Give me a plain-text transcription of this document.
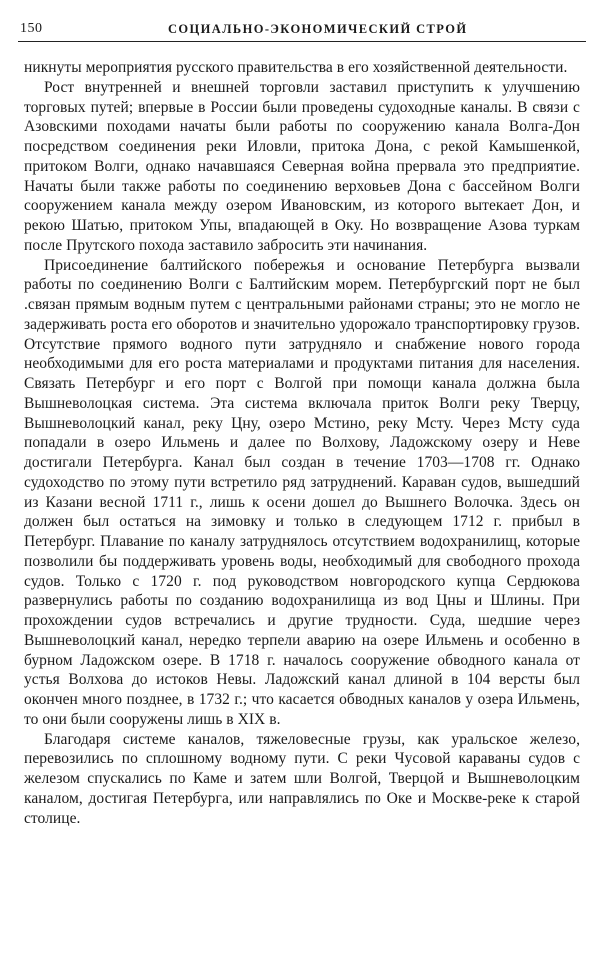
150	СОЦИАЛЬНО-ЭКОНОМИЧЕСКИЙ СТРОЙ

никнуты мероприятия русского правительства в его хозяйственной деятельности.

Рост внутренней и внешней торговли заставил приступить к улучшению торговых путей; впервые в России были проведены судоходные каналы. В связи с Азовскими походами начаты были работы по сооружению канала Волга-Дон посредством соединения реки Иловли, притока Дона, с рекой Камышенкой, притоком Волги, однако начавшаяся Северная война прервала это предприятие. Начаты были также работы по соединению верховьев Дона с бассейном Волги сооружением канала между озером Ивановским, из которого вытекает Дон, и рекою Шатью, притоком Упы, впадающей в Оку. Но возвращение Азова туркам после Прутского похода заставило забросить эти начинания.

Присоединение балтийского побережья и основание Петербурга вызвали работы по соединению Волги с Балтийским морем. Петербургский порт не был .связан прямым водным путем с центральными районами страны; это не могло не задерживать роста его оборотов и значительно удорожало транспортировку грузов. Отсутствие прямого водного пути затрудняло и снабжение нового города необходимыми для его роста материалами и продуктами питания для населения. Связать Петербург и его порт с Волгой при помощи канала должна была Вышневолоцкая система. Эта система включала приток Волги реку Тверцу, Вышневолоцкий канал, реку Цну, озеро Мстино, реку Мсту. Через Мсту суда попадали в озеро Ильмень и далее по Волхову, Ладожскому озеру и Неве достигали Петербурга. Канал был создан в течение 1703—1708 гг. Однако судоходство по этому пути встретило ряд затруднений. Караван судов, вышедший из Казани весной 1711 г., лишь к осени дошел до Вышнего Волочка. Здесь он должен был остаться на зимовку и только в следующем 1712 г. прибыл в Петербург. Плавание по каналу затруднялось отсутствием водохранилищ, которые позволили бы поддерживать уровень воды, необходимый для свободного прохода судов. Только с 1720 г. под руководством новгородского купца Сердюкова развернулись работы по созданию водохранилища из вод Цны и Шлины. При прохождении судов встречались и другие трудности. Суда, шедшие через Вышневолоцкий канал, нередко терпели аварию на озере Ильмень и особенно в бурном Ладожском озере. В 1718 г. началось сооружение обводного канала от устья Волхова до истоков Невы. Ладожский канал длиной в 104 версты был окончен много позднее, в 1732 г.; что касается обводных каналов у озера Ильмень, то они были сооружены лишь в XIX в.

Благодаря системе каналов, тяжеловесные грузы, как уральское железо, перевозились по сплошному водному пути. С реки Чусовой караваны судов с железом спускались по Каме и затем шли Волгой, Тверцой и Вышневолоцким каналом, достигая Петербурга, или направлялись по Оке и Москве-реке к старой столице.
